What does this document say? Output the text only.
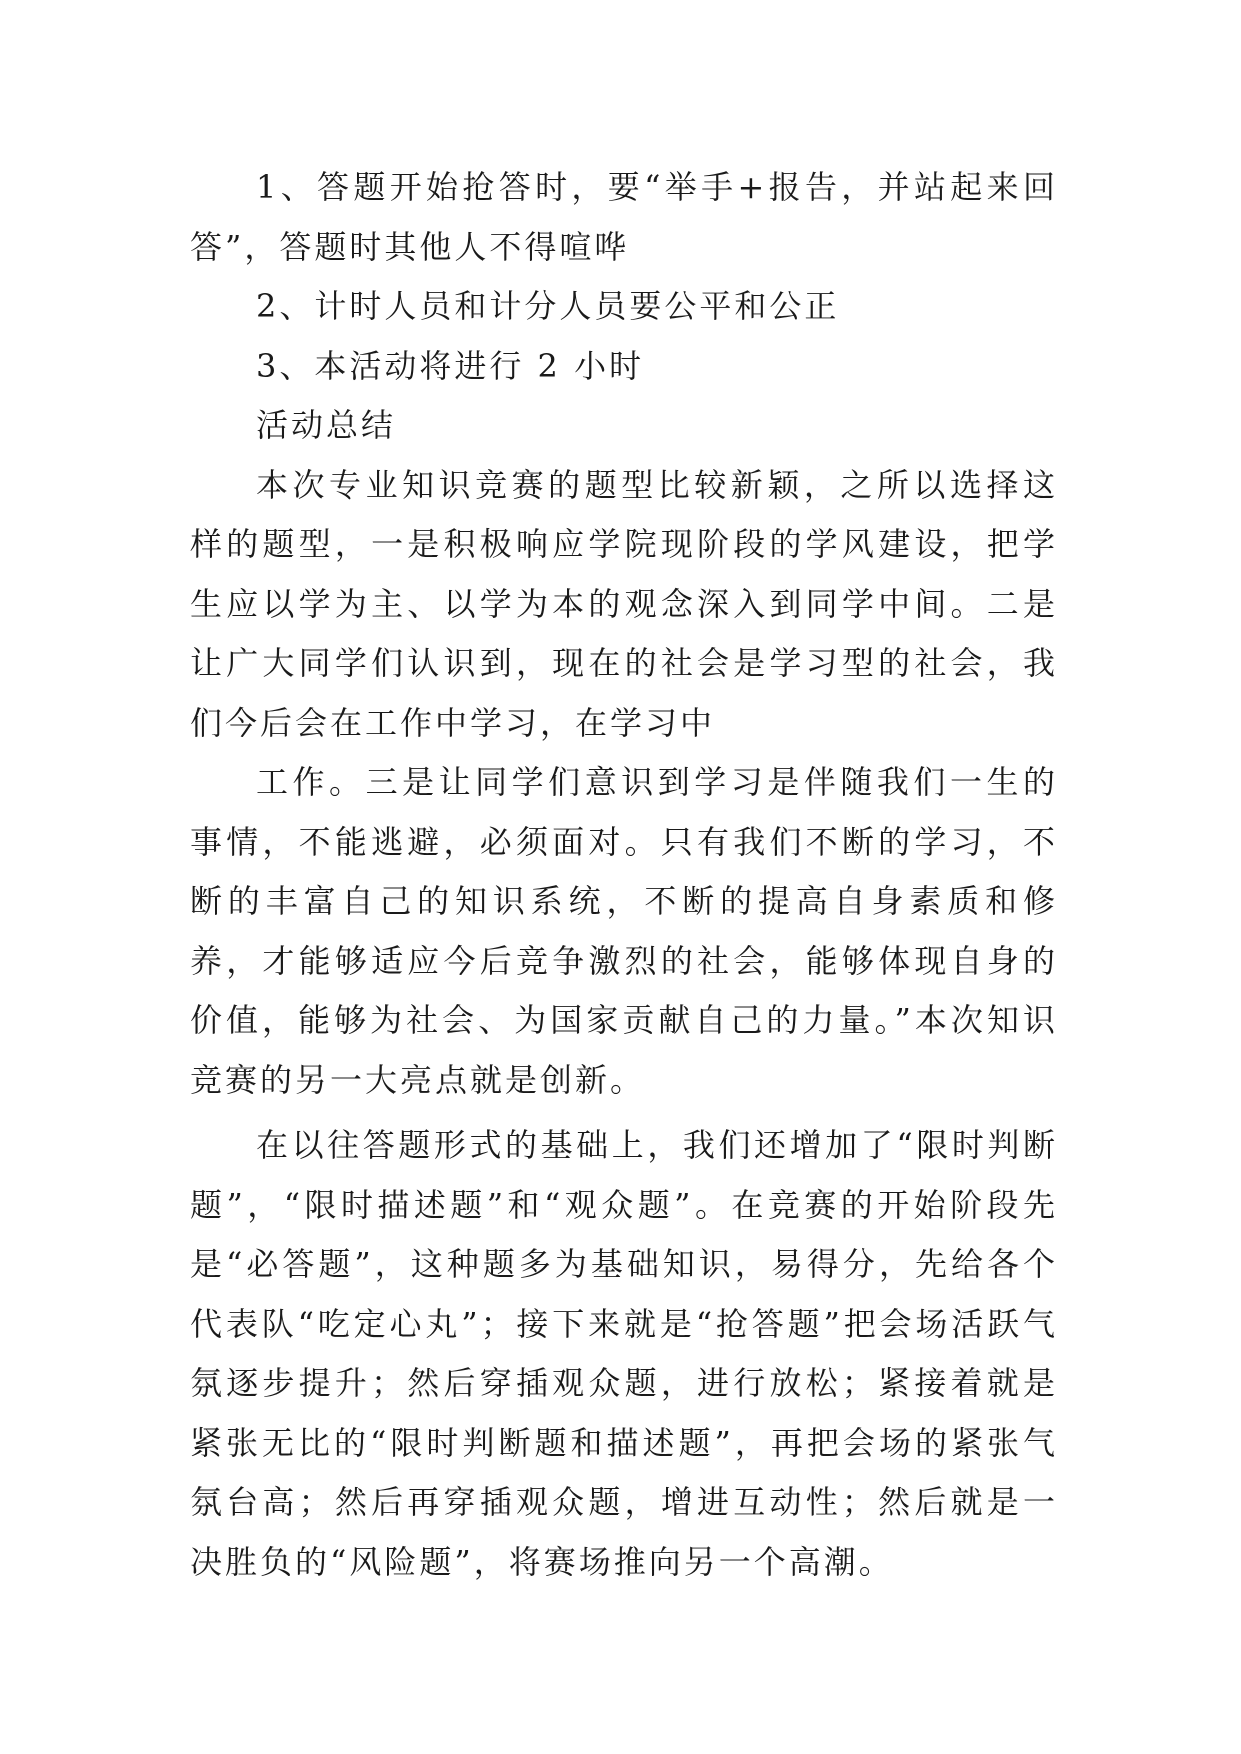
1、答题开始抢答时，要“举手+报告，并站起来回答”，答题时其他人不得喧哗

2、计时人员和计分人员要公平和公正

3、本活动将进行 2 小时

活动总结

本次专业知识竞赛的题型比较新颖，之所以选择这样的题型，一是积极响应学院现阶段的学风建设，把学生应以学为主、以学为本的观念深入到同学中间。二是让广大同学们认识到，现在的社会是学习型的社会，我们今后会在工作中学习，在学习中

工作。三是让同学们意识到学习是伴随我们一生的事情，不能逃避，必须面对。只有我们不断的学习，不断的丰富自己的知识系统，不断的提高自身素质和修养，才能够适应今后竞争激烈的社会，能够体现自身的价值，能够为社会、为国家贡献自己的力量。”本次知识竞赛的另一大亮点就是创新。

在以往答题形式的基础上，我们还增加了“限时判断题”，“限时描述题”和“观众题”。在竞赛的开始阶段先是“必答题”，这种题多为基础知识，易得分，先给各个代表队“吃定心丸”；接下来就是“抢答题”把会场活跃气氛逐步提升；然后穿插观众题，进行放松；紧接着就是紧张无比的“限时判断题和描述题”，再把会场的紧张气氛台高；然后再穿插观众题，增进互动性；然后就是一决胜负的“风险题”，将赛场推向另一个高潮。
